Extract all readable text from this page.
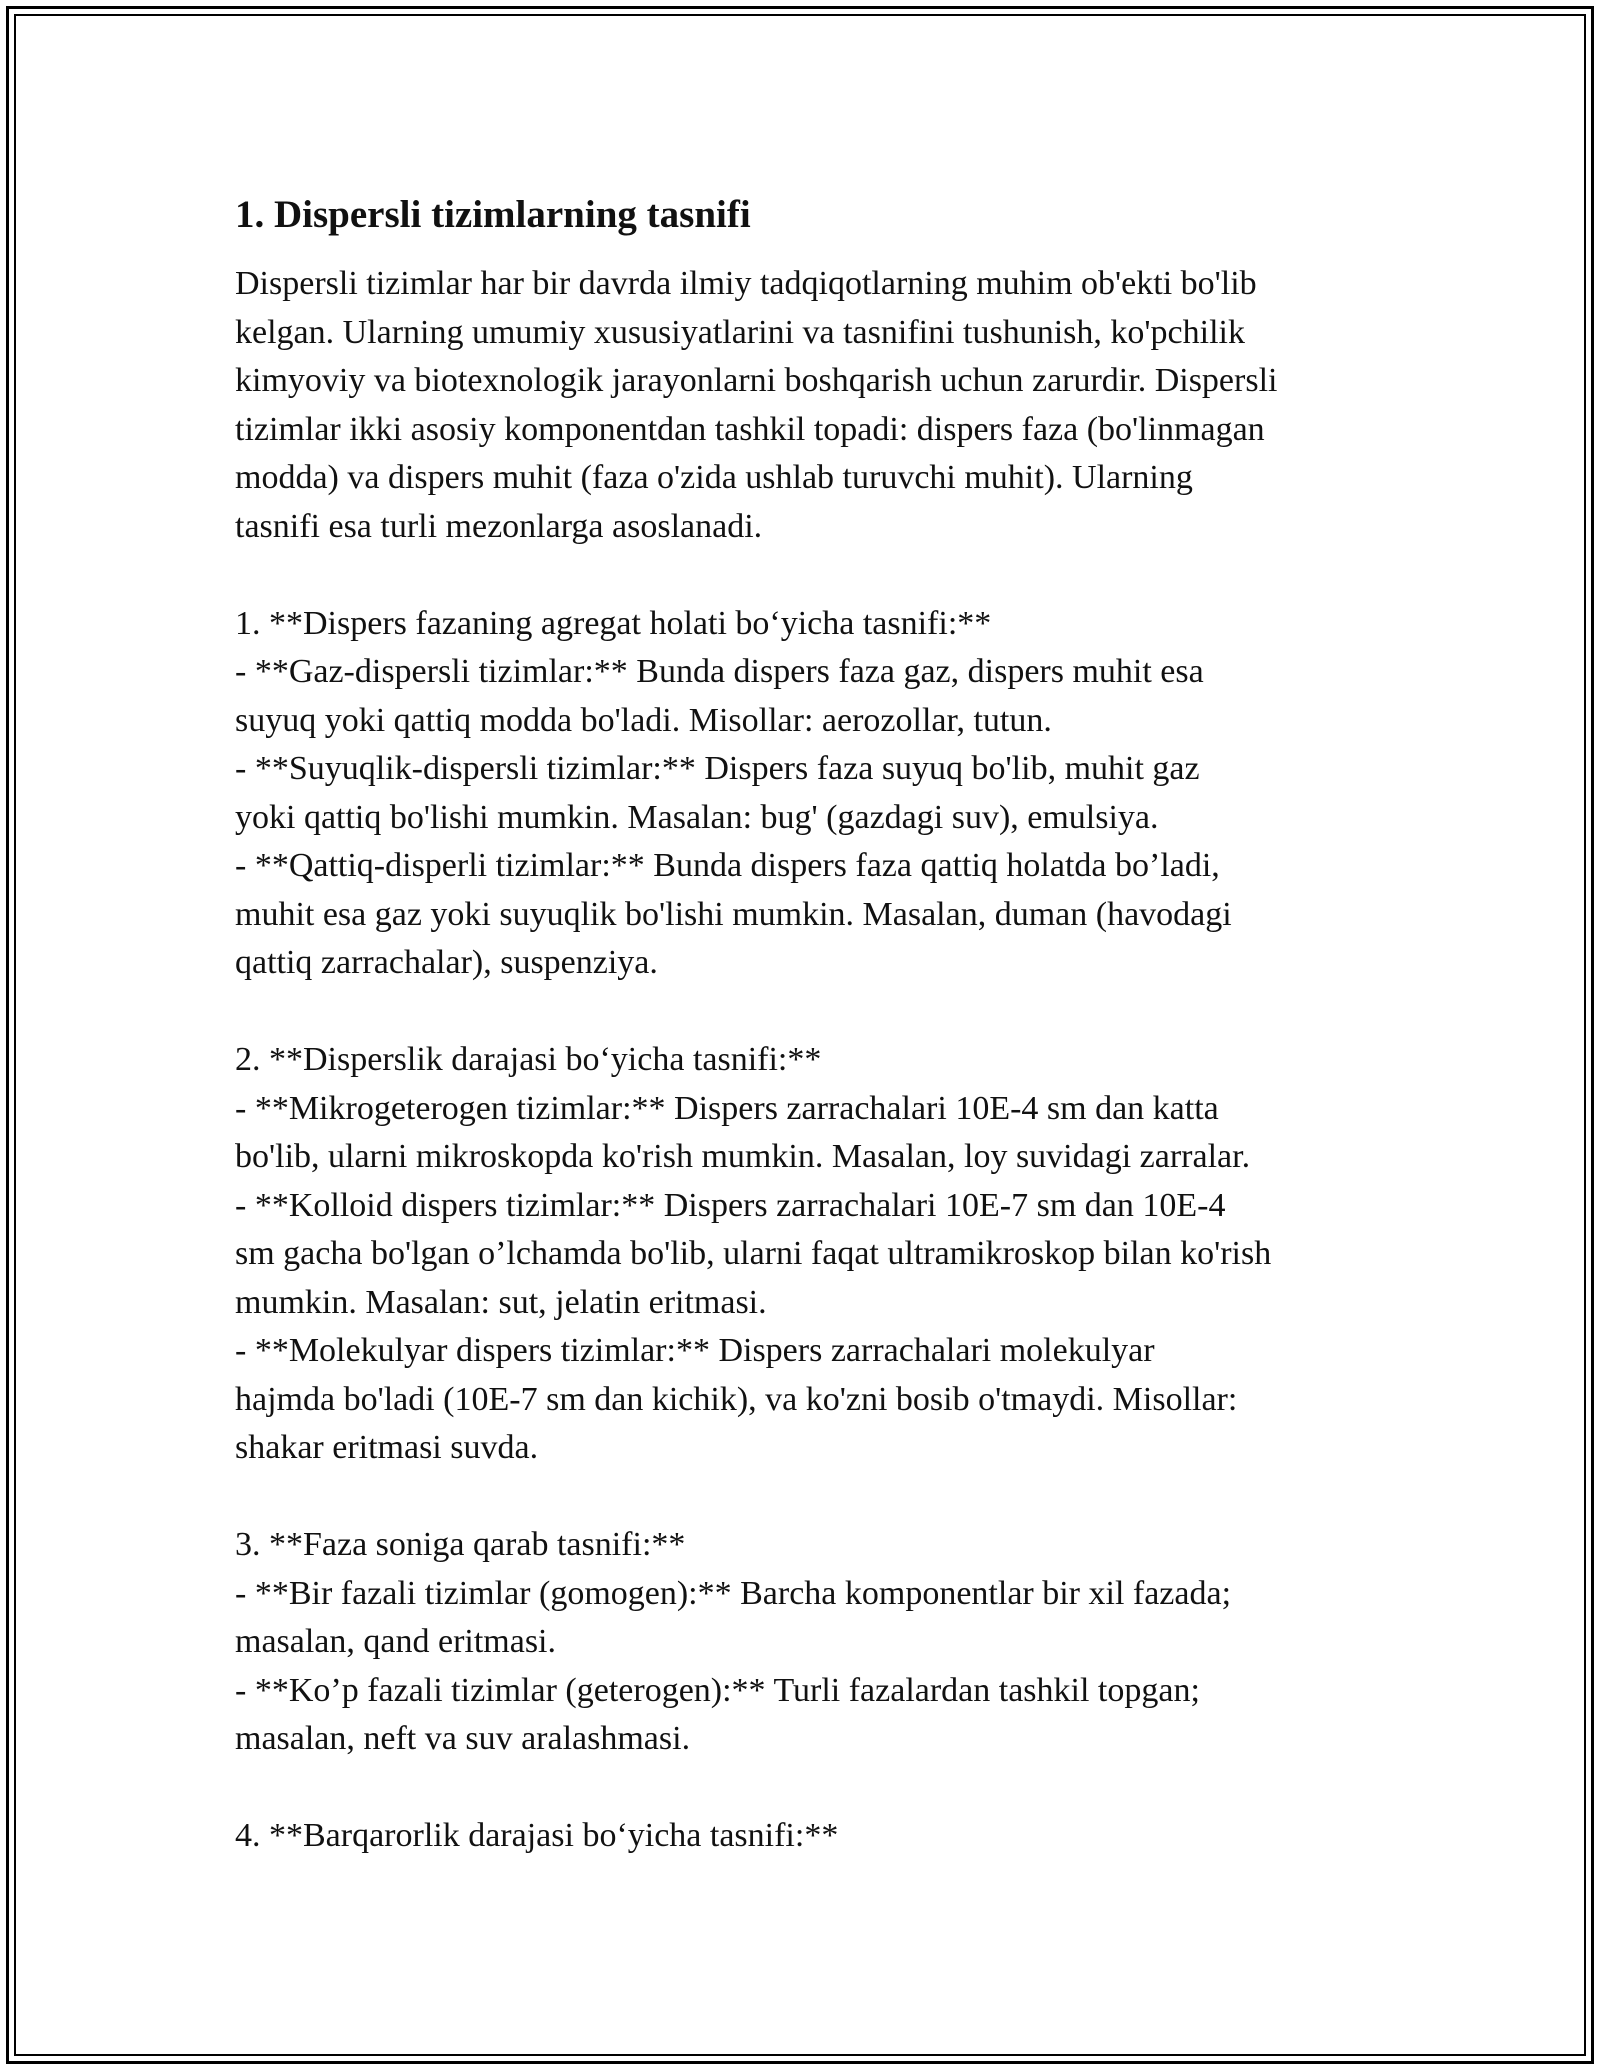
1. Dispersli tizimlarning tasnifi

Dispersli tizimlar har bir davrda ilmiy tadqiqotlarning muhim ob'ekti bo'lib
kelgan. Ularning umumiy xususiyatlarini va tasnifini tushunish, ko'pchilik
kimyoviy va biotexnologik jarayonlarni boshqarish uchun zarurdir. Dispersli
tizimlar ikki asosiy komponentdan tashkil topadi: dispers faza (bo'linmagan
modda) va dispers muhit (faza o'zida ushlab turuvchi muhit). Ularning
tasnifi esa turli mezonlarga asoslanadi.

1. **Dispers fazaning agregat holati bo‘yicha tasnifi:**
- **Gaz-dispersli tizimlar:** Bunda dispers faza gaz, dispers muhit esa
suyuq yoki qattiq modda bo'ladi. Misollar: aerozollar, tutun.
- **Suyuqlik-dispersli tizimlar:** Dispers faza suyuq bo'lib, muhit gaz
yoki qattiq bo'lishi mumkin. Masalan: bug' (gazdagi suv), emulsiya.
- **Qattiq-disperli tizimlar:** Bunda dispers faza qattiq holatda bo’ladi,
muhit esa gaz yoki suyuqlik bo'lishi mumkin. Masalan, duman (havodagi
qattiq zarrachalar), suspenziya.

2. **Disperslik darajasi bo‘yicha tasnifi:**
- **Mikrogeterogen tizimlar:** Dispers zarrachalari 10E-4 sm dan katta
bo'lib, ularni mikroskopda ko'rish mumkin. Masalan, loy suvidagi zarralar.
- **Kolloid dispers tizimlar:** Dispers zarrachalari 10E-7 sm dan 10E-4
sm gacha bo'lgan o’lchamda bo'lib, ularni faqat ultramikroskop bilan ko'rish
mumkin. Masalan: sut, jelatin eritmasi.
- **Molekulyar dispers tizimlar:** Dispers zarrachalari molekulyar
hajmda bo'ladi (10E-7 sm dan kichik), va ko'zni bosib o'tmaydi. Misollar:
shakar eritmasi suvda.

3. **Faza soniga qarab tasnifi:**
- **Bir fazali tizimlar (gomogen):** Barcha komponentlar bir xil fazada;
masalan, qand eritmasi.
- **Ko’p fazali tizimlar (geterogen):** Turli fazalardan tashkil topgan;
masalan, neft va suv aralashmasi.

4. **Barqarorlik darajasi bo‘yicha tasnifi:**
